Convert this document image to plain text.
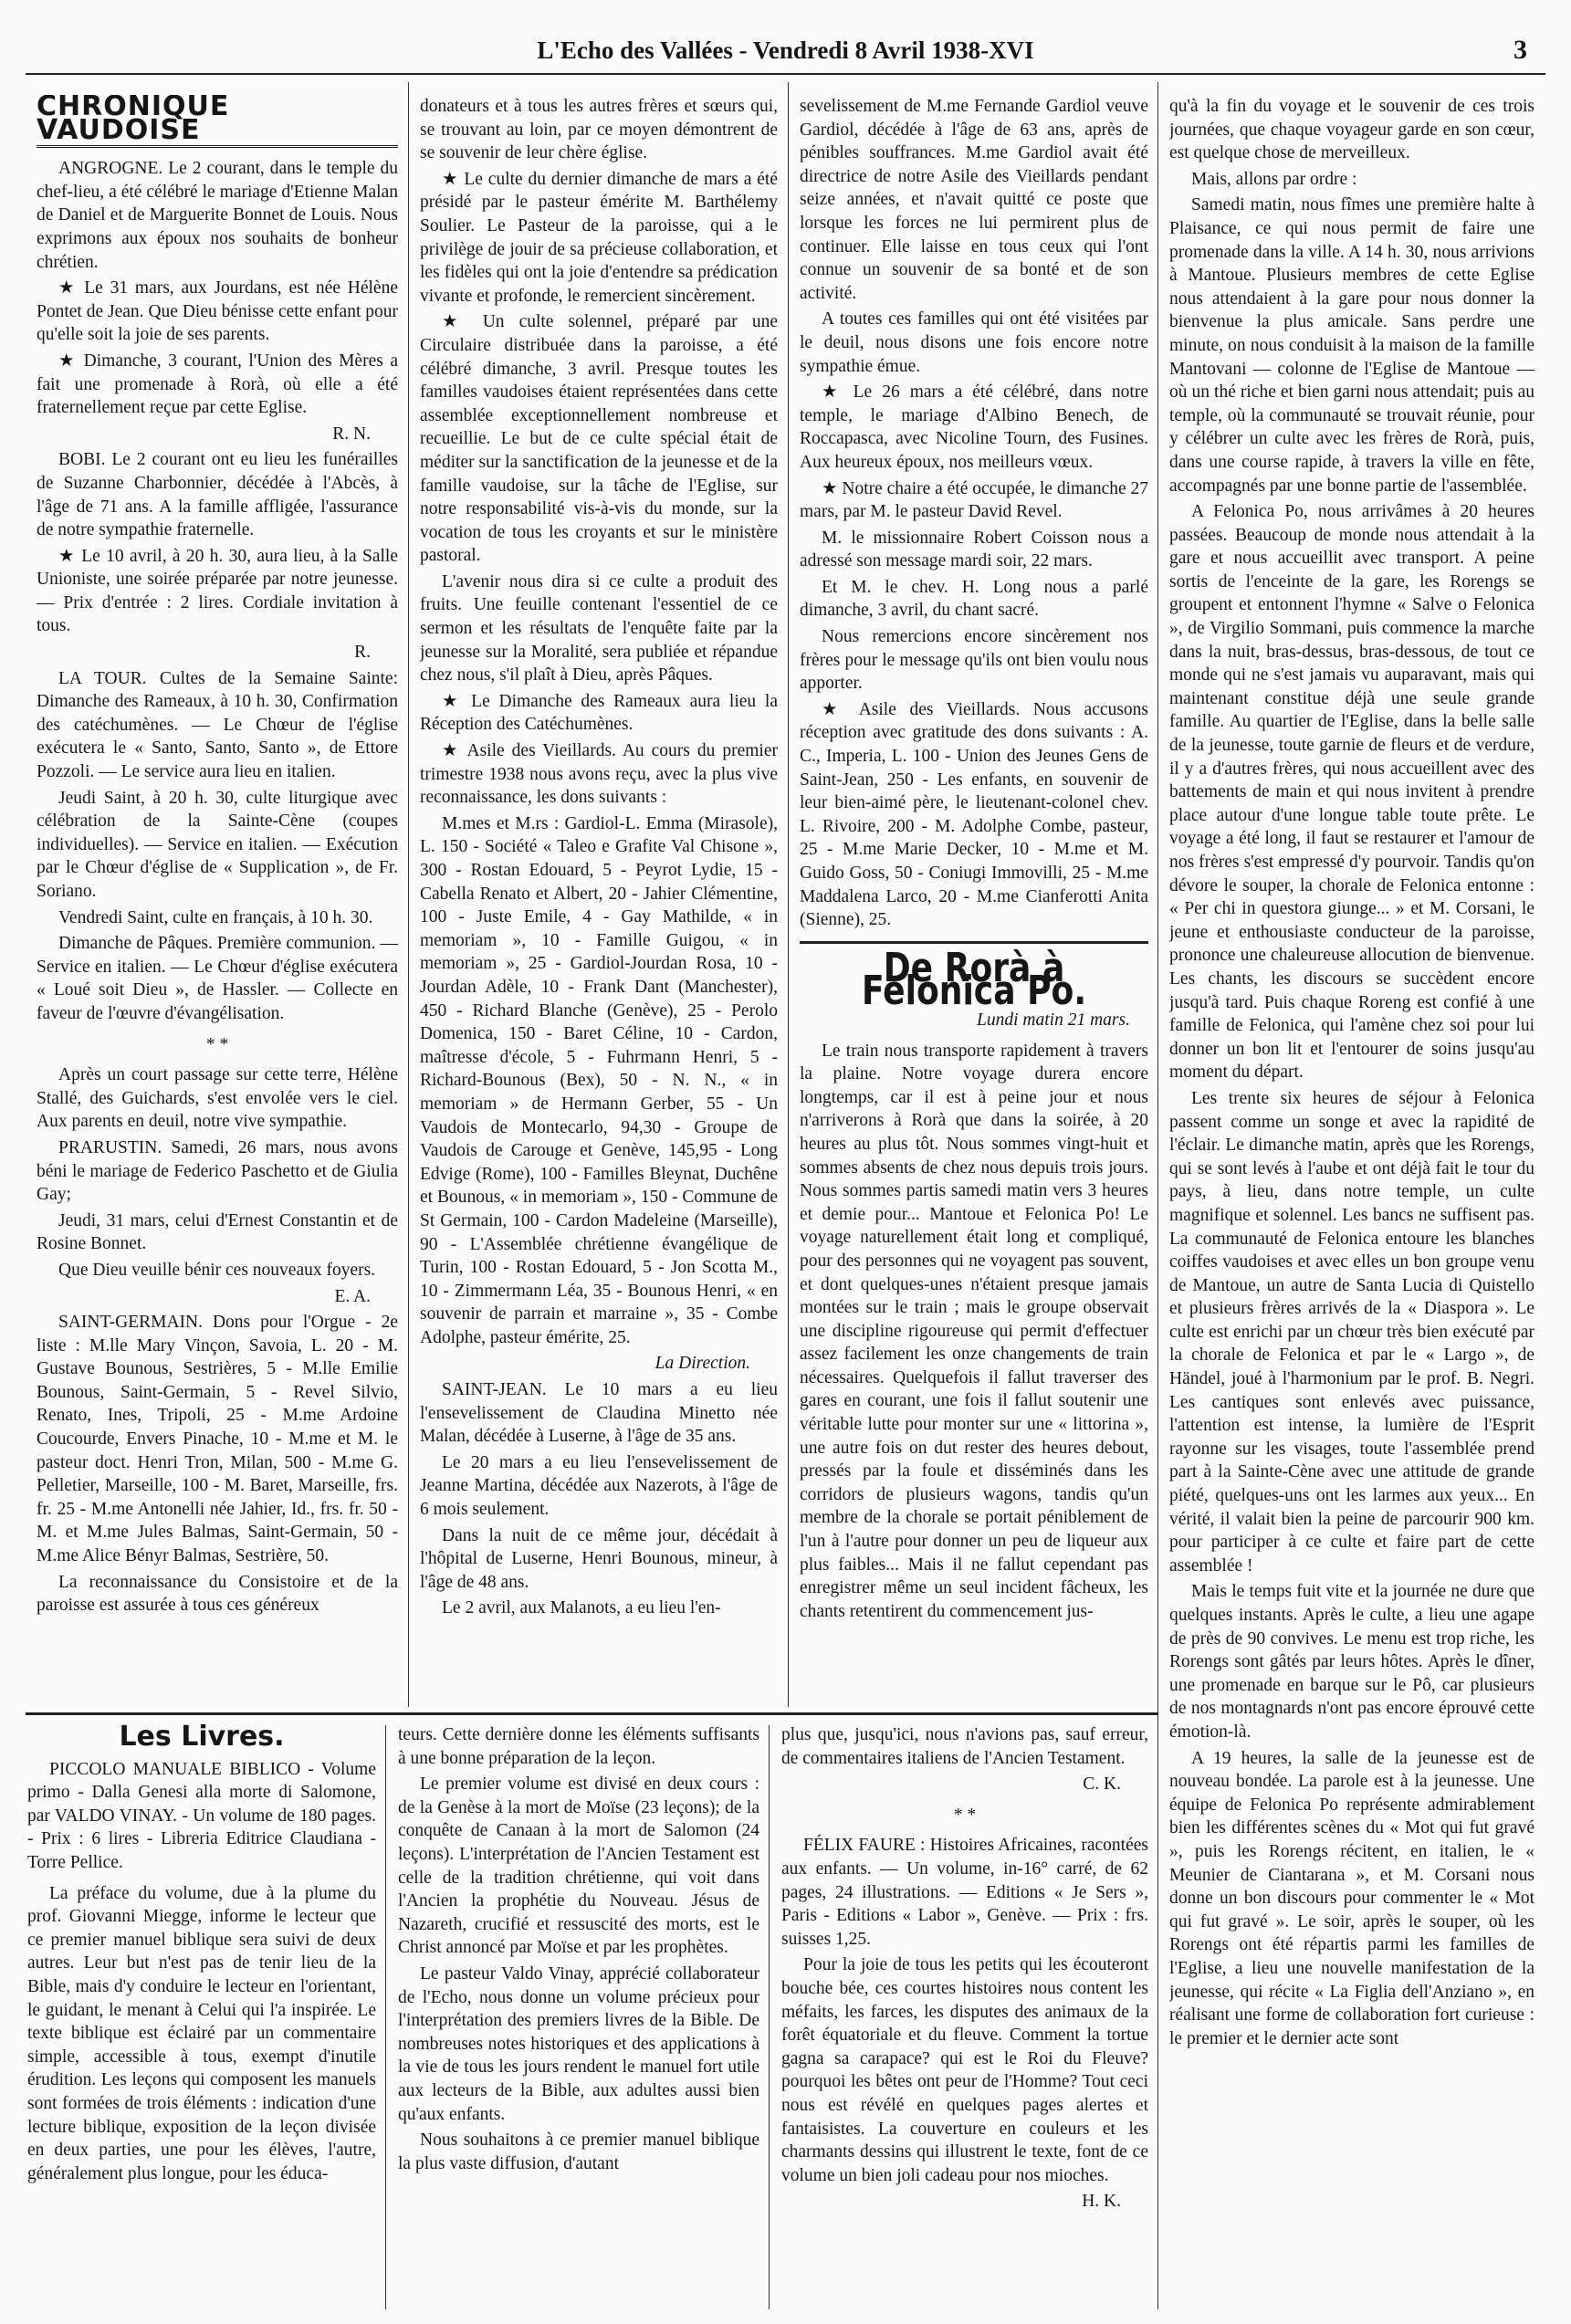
L'Echo des Vallées - Vendredi 8 Avril 1938-XVI	3
CHRONIQUE VAUDOISE

ANGROGNE. Le 2 courant, dans le temple du chef-lieu, a été célébré le mariage d'Etienne Malan de Daniel et de Marguerite Bonnet de Louis. Nous exprimons aux époux nos souhaits de bonheur chrétien.

★ Le 31 mars, aux Jourdans, est née Hélène Pontet de Jean. Que Dieu bénisse cette enfant pour qu'elle soit la joie de ses parents.

★ Dimanche, 3 courant, l'Union des Mères a fait une promenade à Rorà, où elle a été fraternellement reçue par cette Eglise.

R. N.

BOBI. Le 2 courant ont eu lieu les funérailles de Suzanne Charbonnier, décédée à l'Abcès, à l'âge de 71 ans. A la famille affligée, l'assurance de notre sympathie fraternelle.

★ Le 10 avril, à 20 h. 30, aura lieu, à la Salle Unioniste, une soirée préparée par notre jeunesse. — Prix d'entrée : 2 lires. Cordiale invitation à tous.

R.

LA TOUR. Cultes de la Semaine Sainte: Dimanche des Rameaux, à 10 h. 30, Confirmation des catéchumènes. — Le Chœur de l'église exécutera le « Santo, Santo, Santo », de Ettore Pozzoli. — Le service aura lieu en italien.

Jeudi Saint, à 20 h. 30, culte liturgique avec célébration de la Sainte-Cène (coupes individuelles). — Service en italien. — Exécution par le Chœur d'église de « Supplication », de Fr. Soriano.

Vendredi Saint, culte en français, à 10 h. 30.

Dimanche de Pâques. Première communion. — Service en italien. — Le Chœur d'église exécutera « Loué soit Dieu », de Hassler. — Collecte en faveur de l'œuvre d'évangélisation.

* *

Après un court passage sur cette terre, Hélène Stallé, des Guichards, s'est envolée vers le ciel. Aux parents en deuil, notre vive sympathie.

PRARUSTIN. Samedi, 26 mars, nous avons béni le mariage de Federico Paschetto et de Giulia Gay;

Jeudi, 31 mars, celui d'Ernest Constantin et de Rosine Bonnet.

Que Dieu veuille bénir ces nouveaux foyers.

E. A.

SAINT-GERMAIN. Dons pour l'Orgue - 2e liste : M.lle Mary Vinçon, Savoia, L. 20 - M. Gustave Bounous, Sestrières, 5 - M.lle Emilie Bounous, Saint-Germain, 5 - Revel Silvio, Renato, Ines, Tripoli, 25 - M.me Ardoine Coucourde, Envers Pinache, 10 - M.me et M. le pasteur doct. Henri Tron, Milan, 500 - M.me G. Pelletier, Marseille, 100 - M. Baret, Marseille, frs. fr. 25 - M.me Antonelli née Jahier, Id., frs. fr. 50 - M. et M.me Jules Balmas, Saint-Germain, 50 - M.me Alice Bényr Balmas, Sestrière, 50.

La reconnaissance du Consistoire et de la paroisse est assurée à tous ces généreux

donateurs et à tous les autres frères et sœurs qui, se trouvant au loin, par ce moyen démontrent de se souvenir de leur chère église.

★ Le culte du dernier dimanche de mars a été présidé par le pasteur émérite M. Barthélemy Soulier. Le Pasteur de la paroisse, qui a le privilège de jouir de sa précieuse collaboration, et les fidèles qui ont la joie d'entendre sa prédication vivante et profonde, le remercient sincèrement.

★ Un culte solennel, préparé par une Circulaire distribuée dans la paroisse, a été célébré dimanche, 3 avril. Presque toutes les familles vaudoises étaient représentées dans cette assemblée exceptionnellement nombreuse et recueillie. Le but de ce culte spécial était de méditer sur la sanctification de la jeunesse et de la famille vaudoise, sur la tâche de l'Eglise, sur notre responsabilité vis-à-vis du monde, sur la vocation de tous les croyants et sur le ministère pastoral.

L'avenir nous dira si ce culte a produit des fruits. Une feuille contenant l'essentiel de ce sermon et les résultats de l'enquête faite par la jeunesse sur la Moralité, sera publiée et répandue chez nous, s'il plaît à Dieu, après Pâques.

★ Le Dimanche des Rameaux aura lieu la Réception des Catéchumènes.

★ Asile des Vieillards. Au cours du premier trimestre 1938 nous avons reçu, avec la plus vive reconnaissance, les dons suivants :

M.mes et M.rs : Gardiol-L. Emma (Mirasole), L. 150 - Société « Taleo e Grafite Val Chisone », 300 - Rostan Edouard, 5 - Peyrot Lydie, 15 - Cabella Renato et Albert, 20 - Jahier Clémentine, 100 - Juste Emile, 4 - Gay Mathilde, « in memoriam », 10 - Famille Guigou, « in memoriam », 25 - Gardiol-Jourdan Rosa, 10 - Jourdan Adèle, 10 - Frank Dant (Manchester), 450 - Richard Blanche (Genève), 25 - Perolo Domenica, 150 - Baret Céline, 10 - Cardon, maîtresse d'école, 5 - Fuhrmann Henri, 5 - Richard-Bounous (Bex), 50 - N. N., « in memoriam » de Hermann Gerber, 55 - Un Vaudois de Montecarlo, 94,30 - Groupe de Vaudois de Carouge et Genève, 145,95 - Long Edvige (Rome), 100 - Familles Bleynat, Duchêne et Bounous, « in memoriam », 150 - Commune de St Germain, 100 - Cardon Madeleine (Marseille), 90 - L'Assemblée chrétienne évangélique de Turin, 100 - Rostan Edouard, 5 - Jon Scotta M., 10 - Zimmermann Léa, 35 - Bounous Henri, « en souvenir de parrain et marraine », 35 - Combe Adolphe, pasteur émérite, 25.

La Direction.

SAINT-JEAN. Le 10 mars a eu lieu l'ensevelissement de Claudina Minetto née Malan, décédée à Luserne, à l'âge de 35 ans.

Le 20 mars a eu lieu l'ensevelissement de Jeanne Martina, décédée aux Nazerots, à l'âge de 6 mois seulement.

Dans la nuit de ce même jour, décédait à l'hôpital de Luserne, Henri Bounous, mineur, à l'âge de 48 ans.

Le 2 avril, aux Malanots, a eu lieu l'en-

sevelissement de M.me Fernande Gardiol veuve Gardiol, décédée à l'âge de 63 ans, après de pénibles souffrances. M.me Gardiol avait été directrice de notre Asile des Vieillards pendant seize années, et n'avait quitté ce poste que lorsque les forces ne lui permirent plus de continuer. Elle laisse en tous ceux qui l'ont connue un souvenir de sa bonté et de son activité.

A toutes ces familles qui ont été visitées par le deuil, nous disons une fois encore notre sympathie émue.

★ Le 26 mars a été célébré, dans notre temple, le mariage d'Albino Benech, de Roccapasca, avec Nicoline Tourn, des Fusines. Aux heureux époux, nos meilleurs vœux.

★ Notre chaire a été occupée, le dimanche 27 mars, par M. le pasteur David Revel.

M. le missionnaire Robert Coisson nous a adressé son message mardi soir, 22 mars.

Et M. le chev. H. Long nous a parlé dimanche, 3 avril, du chant sacré.

Nous remercions encore sincèrement nos frères pour le message qu'ils ont bien voulu nous apporter.

★ Asile des Vieillards. Nous accusons réception avec gratitude des dons suivants : A. C., Imperia, L. 100 - Union des Jeunes Gens de Saint-Jean, 250 - Les enfants, en souvenir de leur bien-aimé père, le lieutenant-colonel chev. L. Rivoire, 200 - M. Adolphe Combe, pasteur, 25 - M.me Marie Decker, 10 - M.me et M. Guido Goss, 50 - Coniugi Immovilli, 25 - M.me Maddalena Larco, 20 - M.me Cianferotti Anita (Sienne), 25.

De Rorà à Felonica Po.

Lundi matin 21 mars.

Le train nous transporte rapidement à travers la plaine. Notre voyage durera encore longtemps, car il est à peine jour et nous n'arriverons à Rorà que dans la soirée, à 20 heures au plus tôt. Nous sommes vingt-huit et sommes absents de chez nous depuis trois jours. Nous sommes partis samedi matin vers 3 heures et demie pour... Mantoue et Felonica Po! Le voyage naturellement était long et compliqué, pour des personnes qui ne voyagent pas souvent, et dont quelques-unes n'étaient presque jamais montées sur le train ; mais le groupe observait une discipline rigoureuse qui permit d'effectuer assez facilement les onze changements de train nécessaires. Quelquefois il fallut traverser des gares en courant, une fois il fallut soutenir une véritable lutte pour monter sur une « littorina », une autre fois on dut rester des heures debout, pressés par la foule et disséminés dans les corridors de plusieurs wagons, tandis qu'un membre de la chorale se portait péniblement de l'un à l'autre pour donner un peu de liqueur aux plus faibles... Mais il ne fallut cependant pas enregistrer même un seul incident fâcheux, les chants retentirent du commencement jus-

qu'à la fin du voyage et le souvenir de ces trois journées, que chaque voyageur garde en son cœur, est quelque chose de merveilleux.

Mais, allons par ordre :

Samedi matin, nous fîmes une première halte à Plaisance, ce qui nous permit de faire une promenade dans la ville. A 14 h. 30, nous arrivions à Mantoue. Plusieurs membres de cette Eglise nous attendaient à la gare pour nous donner la bienvenue la plus amicale. Sans perdre une minute, on nous conduisit à la maison de la famille Mantovani — colonne de l'Eglise de Mantoue — où un thé riche et bien garni nous attendait; puis au temple, où la communauté se trouvait réunie, pour y célébrer un culte avec les frères de Rorà, puis, dans une course rapide, à travers la ville en fête, accompagnés par une bonne partie de l'assemblée.

A Felonica Po, nous arrivâmes à 20 heures passées. Beaucoup de monde nous attendait à la gare et nous accueillit avec transport. A peine sortis de l'enceinte de la gare, les Rorengs se groupent et entonnent l'hymne « Salve o Felonica », de Virgilio Sommani, puis commence la marche dans la nuit, bras-dessus, bras-dessous, de tout ce monde qui ne s'est jamais vu auparavant, mais qui maintenant constitue déjà une seule grande famille. Au quartier de l'Eglise, dans la belle salle de la jeunesse, toute garnie de fleurs et de verdure, il y a d'autres frères, qui nous accueillent avec des battements de main et qui nous invitent à prendre place autour d'une longue table toute prête. Le voyage a été long, il faut se restaurer et l'amour de nos frères s'est empressé d'y pourvoir. Tandis qu'on dévore le souper, la chorale de Felonica entonne : « Per chi in questora giunge... » et M. Corsani, le jeune et enthousiaste conducteur de la paroisse, prononce une chaleureuse allocution de bienvenue. Les chants, les discours se succèdent encore jusqu'à tard. Puis chaque Roreng est confié à une famille de Felonica, qui l'amène chez soi pour lui donner un bon lit et l'entourer de soins jusqu'au moment du départ.

Les trente six heures de séjour à Felonica passent comme un songe et avec la rapidité de l'éclair. Le dimanche matin, après que les Rorengs, qui se sont levés à l'aube et ont déjà fait le tour du pays, à lieu, dans notre temple, un culte magnifique et solennel. Les bancs ne suffisent pas. La communauté de Felonica entoure les blanches coiffes vaudoises et avec elles un bon groupe venu de Mantoue, un autre de Santa Lucia di Quistello et plusieurs frères arrivés de la « Diaspora ». Le culte est enrichi par un chœur très bien exécuté par la chorale de Felonica et par le « Largo », de Händel, joué à l'harmonium par le prof. B. Negri. Les cantiques sont enlevés avec puissance, l'attention est intense, la lumière de l'Esprit rayonne sur les visages, toute l'assemblée prend part à la Sainte-Cène avec une attitude de grande piété, quelques-uns ont les larmes aux yeux... En vérité, il valait bien la peine de parcourir 900 km. pour participer à ce culte et faire part de cette assemblée !

Mais le temps fuit vite et la journée ne dure que quelques instants. Après le culte, a lieu une agape de près de 90 convives. Le menu est trop riche, les Rorengs sont gâtés par leurs hôtes. Après le dîner, une promenade en barque sur le Pô, car plusieurs de nos montagnards n'ont pas encore éprouvé cette émotion-là.

A 19 heures, la salle de la jeunesse est de nouveau bondée. La parole est à la jeunesse. Une équipe de Felonica Po représente admirablement bien les différentes scènes du « Mot qui fut gravé », puis les Rorengs récitent, en italien, le « Meunier de Ciantarana », et M. Corsani nous donne un bon discours pour commenter le « Mot qui fut gravé ». Le soir, après le souper, où les Rorengs ont été répartis parmi les familles de l'Eglise, a lieu une nouvelle manifestation de la jeunesse, qui récite « La Figlia dell'Anziano », en réalisant une forme de collaboration fort curieuse : le premier et le dernier acte sont

Les Livres.

PICCOLO MANUALE BIBLICO - Volume primo - Dalla Genesi alla morte di Salomone, par VALDO VINAY. - Un volume de 180 pages. - Prix : 6 lires - Libreria Editrice Claudiana - Torre Pellice.

La préface du volume, due à la plume du prof. Giovanni Miegge, informe le lecteur que ce premier manuel biblique sera suivi de deux autres. Leur but n'est pas de tenir lieu de la Bible, mais d'y conduire le lecteur en l'orientant, le guidant, le menant à Celui qui l'a inspirée. Le texte biblique est éclairé par un commentaire simple, accessible à tous, exempt d'inutile érudition. Les leçons qui composent les manuels sont formées de trois éléments : indication d'une lecture biblique, exposition de la leçon divisée en deux parties, une pour les élèves, l'autre, généralement plus longue, pour les éduca-

teurs. Cette dernière donne les éléments suffisants à une bonne préparation de la leçon.

Le premier volume est divisé en deux cours : de la Genèse à la mort de Moïse (23 leçons); de la conquête de Canaan à la mort de Salomon (24 leçons). L'interprétation de l'Ancien Testament est celle de la tradition chrétienne, qui voit dans l'Ancien la prophétie du Nouveau. Jésus de Nazareth, crucifié et ressuscité des morts, est le Christ annoncé par Moïse et par les prophètes.

Le pasteur Valdo Vinay, apprécié collaborateur de l'Echo, nous donne un volume précieux pour l'interprétation des premiers livres de la Bible. De nombreuses notes historiques et des applications à la vie de tous les jours rendent le manuel fort utile aux lecteurs de la Bible, aux adultes aussi bien qu'aux enfants.

Nous souhaitons à ce premier manuel biblique la plus vaste diffusion, d'autant

plus que, jusqu'ici, nous n'avions pas, sauf erreur, de commentaires italiens de l'Ancien Testament.

C. K.

* *

FÉLIX FAURE : Histoires Africaines, racontées aux enfants. — Un volume, in-16° carré, de 62 pages, 24 illustrations. — Editions « Je Sers », Paris - Editions « Labor », Genève. — Prix : frs. suisses 1,25.

Pour la joie de tous les petits qui les écouteront bouche bée, ces courtes histoires nous content les méfaits, les farces, les disputes des animaux de la forêt équatoriale et du fleuve. Comment la tortue gagna sa carapace? qui est le Roi du Fleuve? pourquoi les bêtes ont peur de l'Homme? Tout ceci nous est révélé en quelques pages alertes et fantaisistes. La couverture en couleurs et les charmants dessins qui illustrent le texte, font de ce volume un bien joli cadeau pour nos mioches.

H. K.
